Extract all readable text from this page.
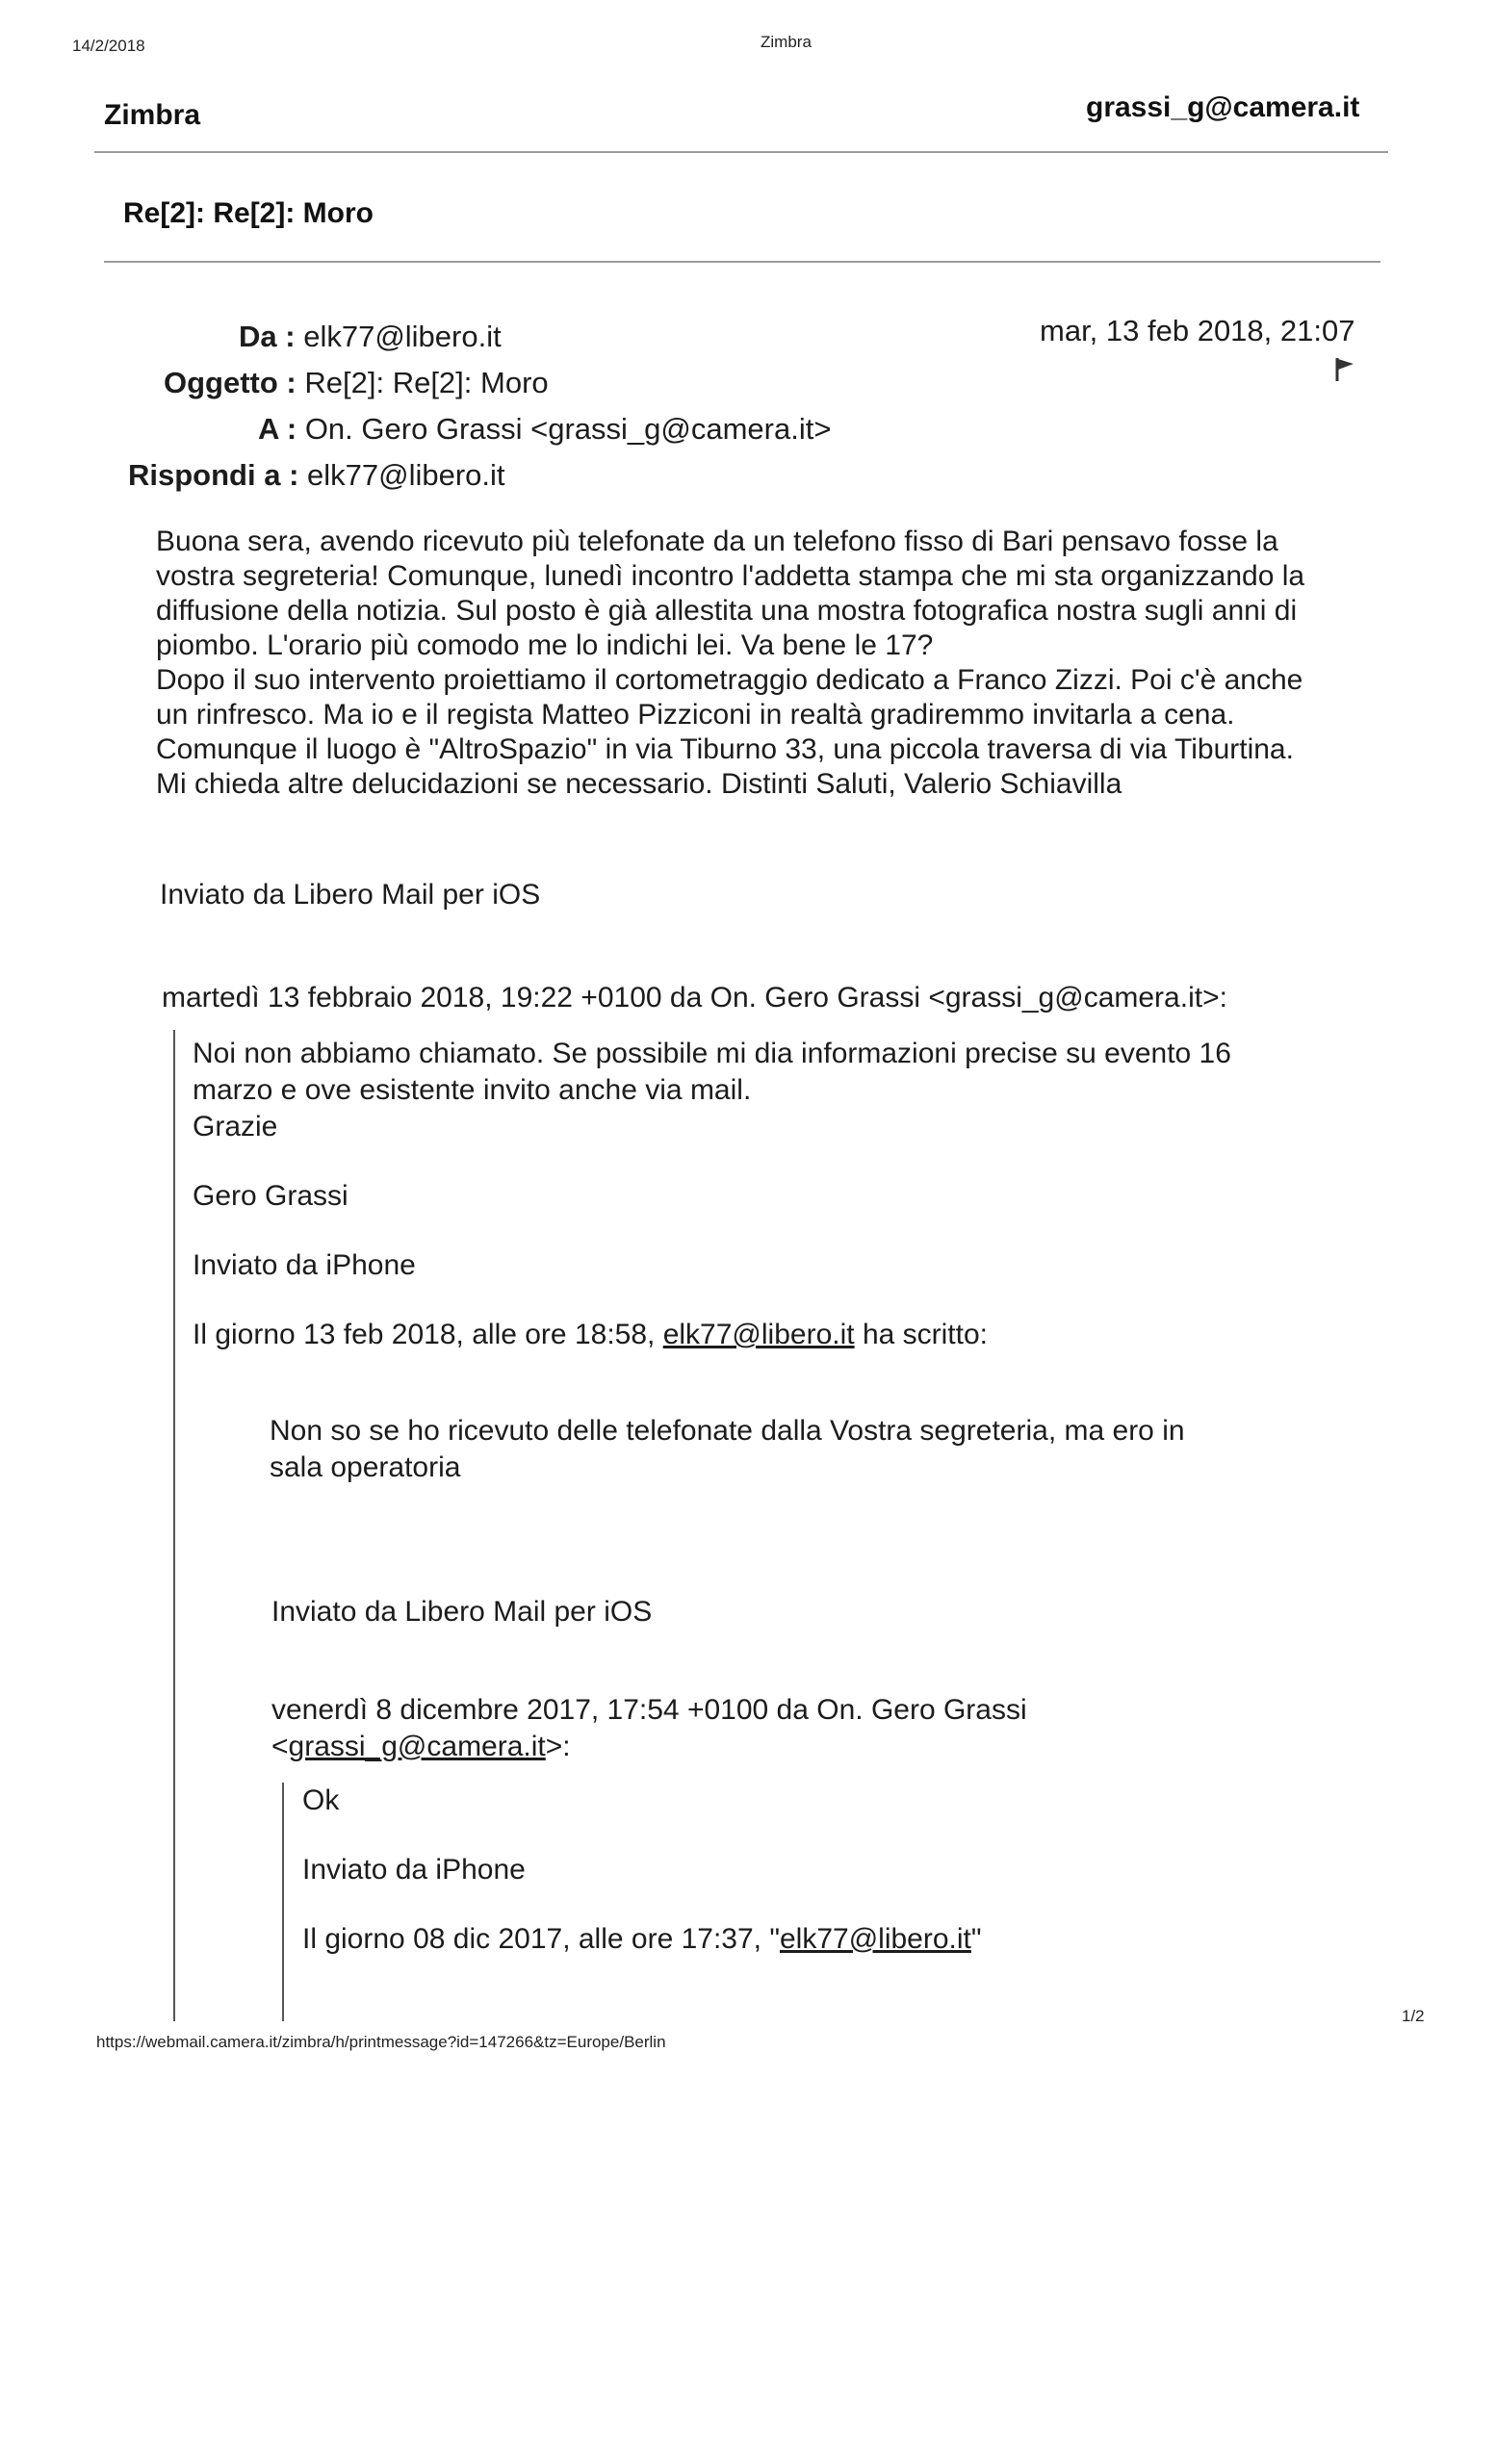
14/2/2018	Zimbra
Zimbra	grassi_g@camera.it
Re[2]: Re[2]: Moro
Da : elk77@libero.it	mar, 13 feb 2018, 21:07
Oggetto : Re[2]: Re[2]: Moro
A : On. Gero Grassi <grassi_g@camera.it>
Rispondi a : elk77@libero.it
Buona sera, avendo ricevuto più telefonate da un telefono fisso di Bari pensavo fosse la
vostra segreteria! Comunque, lunedì incontro l'addetta stampa che mi sta organizzando la
diffusione della notizia. Sul posto è già allestita una mostra fotografica nostra sugli anni di
piombo. L'orario più comodo me lo indichi lei. Va bene le 17?
Dopo il suo intervento proiettiamo il cortometraggio dedicato a Franco Zizzi. Poi c'è anche
un rinfresco. Ma io e il regista Matteo Pizziconi in realtà gradiremmo invitarla a cena.
Comunque il luogo è "AltroSpazio" in via Tiburno 33, una piccola traversa di via Tiburtina.
Mi chieda altre delucidazioni se necessario. Distinti Saluti, Valerio Schiavilla
Inviato da Libero Mail per iOS
martedì 13 febbraio 2018, 19:22 +0100 da On. Gero Grassi <grassi_g@camera.it>:
Noi non abbiamo chiamato. Se possibile mi dia informazioni precise su evento 16
marzo e ove esistente invito anche via mail.
Grazie
Gero Grassi
Inviato da iPhone
Il giorno 13 feb 2018, alle ore 18:58, elk77@libero.it ha scritto:
Non so se ho ricevuto delle telefonate dalla Vostra segreteria, ma ero in
sala operatoria
Inviato da Libero Mail per iOS
venerdì 8 dicembre 2017, 17:54 +0100 da On. Gero Grassi
<grassi_g@camera.it>:
Ok
Inviato da iPhone
Il giorno 08 dic 2017, alle ore 17:37, "elk77@libero.it"
https://webmail.camera.it/zimbra/h/printmessage?id=147266&tz=Europe/Berlin
1/2
